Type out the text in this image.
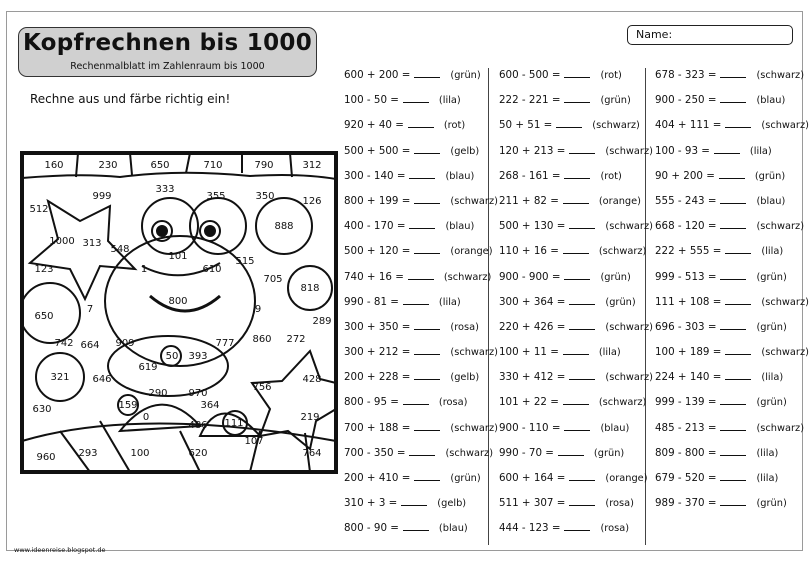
Kopfrechnen bis 1000
Rechenmalblatt im Zahlenraum bis 1000
Name:
Rechne aus und färbe richtig ein!
160	230	650	710	790	312
333
999	355	350	126
512
888
1000 313
548
101	515
123	1	610
705
818
800
7
650
9
289
742 664 909	777 860 272
50 393
321 646
619
428
630
290 970
756
159	364
0	219
486 111
107
960 293	100	620	764
600 + 200 =	(grün)
100 - 50 =	(lila)
920 + 40 =	(rot)
500 + 500 =	(gelb)
300 - 140 =	(blau)
800 + 199 =	(schwarz)
400 - 170 =	(blau)
500 + 120 =	(orange)
740 + 16 =	(schwarz)
990 - 81 =	(lila)
300 + 350 =	(rosa)
300 + 212 =	(schwarz)
200 + 228 =	(gelb)
800 - 95 =	(rosa)
700 + 188 =	(schwarz)
700 - 350 =	(schwarz)
200 + 410 =	(grün)
310 + 3 =	(gelb)
800 - 90 =	(blau)
600 - 500 =	(rot)
222 - 221 =	(grün)
50 + 51 =	(schwarz)
120 + 213 =	(schwarz)
268 - 161 =	(rot)
211 + 82 =	(orange)
500 + 130 =	(schwarz)
110 + 16 =	(schwarz)
900 - 900 =	(grün)
300 + 364 =	(grün)
220 + 426 =	(schwarz)
100 + 11 =	(lila)
330 + 412 =	(schwarz)
101 + 22 =	(schwarz)
900 - 110 =	(blau)
990 - 70 =	(grün)
600 + 164 =	(orange)
511 + 307 =	(rosa)
444 - 123 =	(rosa)
678 - 323 =	(schwarz)
900 - 250 =	(blau)
404 + 111 =	(schwarz)
100 - 93 =	(lila)
90 + 200 =	(grün)
555 - 243 =	(blau)
668 - 120 =	(schwarz)
222 + 555 =	(lila)
999 - 513 =	(grün)
111 + 108 =	(schwarz)
696 - 303 =	(grün)
100 + 189 =	(schwarz)
224 + 140 =	(lila)
999 - 139 =	(grün)
485 - 213 =	(schwarz)
809 - 800 =	(lila)
679 - 520 =	(lila)
989 - 370 =	(grün)
www.ideenreise.blogspot.de
